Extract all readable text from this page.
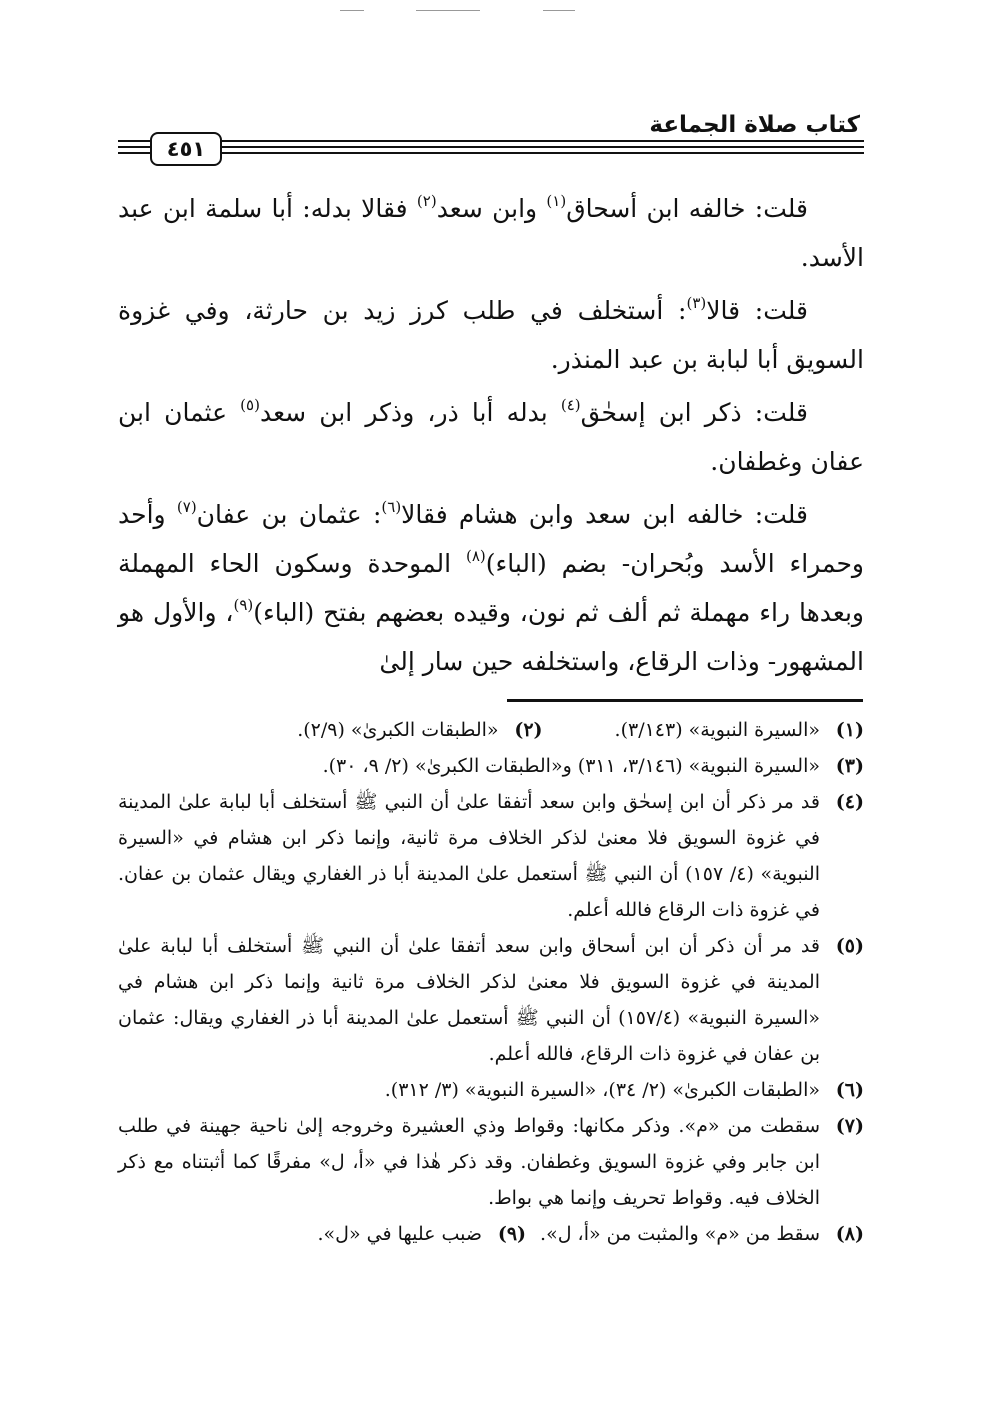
كتاب صلاة الجماعة
٤٥١

قلت: خالفه ابن أسحاق$^{(١)}$ وابن سعد$^{(٢)}$ فقالا بدله: أبا سلمة ابن عبد الأسد.

قلت: قالا$^{(٣)}$: أستخلف في طلب كرز زيد بن حارثة، وفي غزوة السويق أبا لبابة بن عبد المنذر.

قلت: ذكر ابن إسحٰق$^{(٤)}$ بدله أبا ذر، وذكر ابن سعد$^{(٥)}$ عثمان ابن عفان وغطفان.

قلت: خالفه ابن سعد وابن هشام فقالا$^{(٦)}$: عثمان بن عفان$^{(٧)}$ وأحد وحمراء الأسد وبُحران- بضم (الباء)$^{(٨)}$ الموحدة وسكون الحاء المهملة وبعدها راء مهملة ثم ألف ثم نون، وقيده بعضهم بفتح (الباء)$^{(٩)}$، والأول هو المشهور- وذات الرقاع، واستخلفه حين سار إلىٰ

(١)
«السيرة النبوية» (٣/١٤٣).
(٢)
«الطبقات الكبرىٰ» (٢/٩).
(٣)
«السيرة النبوية» (٣/١٤٦، ٣١١) و«الطبقات الكبرىٰ» (٢/ ٩، ٣٠).
(٤)
قد مر ذكر أن ابن إسحٰق وابن سعد أتفقا علىٰ أن النبي ﷺ أستخلف أبا لبابة علىٰ المدينة في غزوة السويق فلا معنىٰ لذكر الخلاف مرة ثانية، وإنما ذكر ابن هشام في «السيرة النبوية» (٤/ ١٥٧) أن النبي ﷺ أستعمل علىٰ المدينة أبا ذر الغفاري ويقال عثمان بن عفان. في غزوة ذات الرقاع فالله أعلم.
(٥)
قد مر أن ذكر أن ابن أسحاق وابن سعد أتفقا علىٰ أن النبي ﷺ أستخلف أبا لبابة علىٰ المدينة في غزوة السويق فلا معنىٰ لذكر الخلاف مرة ثانية وإنما ذكر ابن هشام في «السيرة النبوية» (١٥٧/٤) أن النبي ﷺ أستعمل علىٰ المدينة أبا ذر الغفاري ويقال: عثمان بن عفان في غزوة ذات الرقاع، فالله أعلم.
(٦)
«الطبقات الكبرىٰ» (٢/ ٣٤)، «السيرة النبوية» (٣/ ٣١٢).
(٧)
سقطت من «م». وذكر مكانها: وقواط وذي العشيرة وخروجه إلىٰ ناحية جهينة في طلب ابن جابر وفي غزوة السويق وغطفان. وقد ذكر هٰذا في «أ، ل» مفرقًا كما أثبتناه مع ذكر الخلاف فيه. وقواط تحريف وإنما هي بواط.
(٨)
سقط من «م» والمثبت من «أ، ل».
(٩)
ضبب عليها في «ل».
